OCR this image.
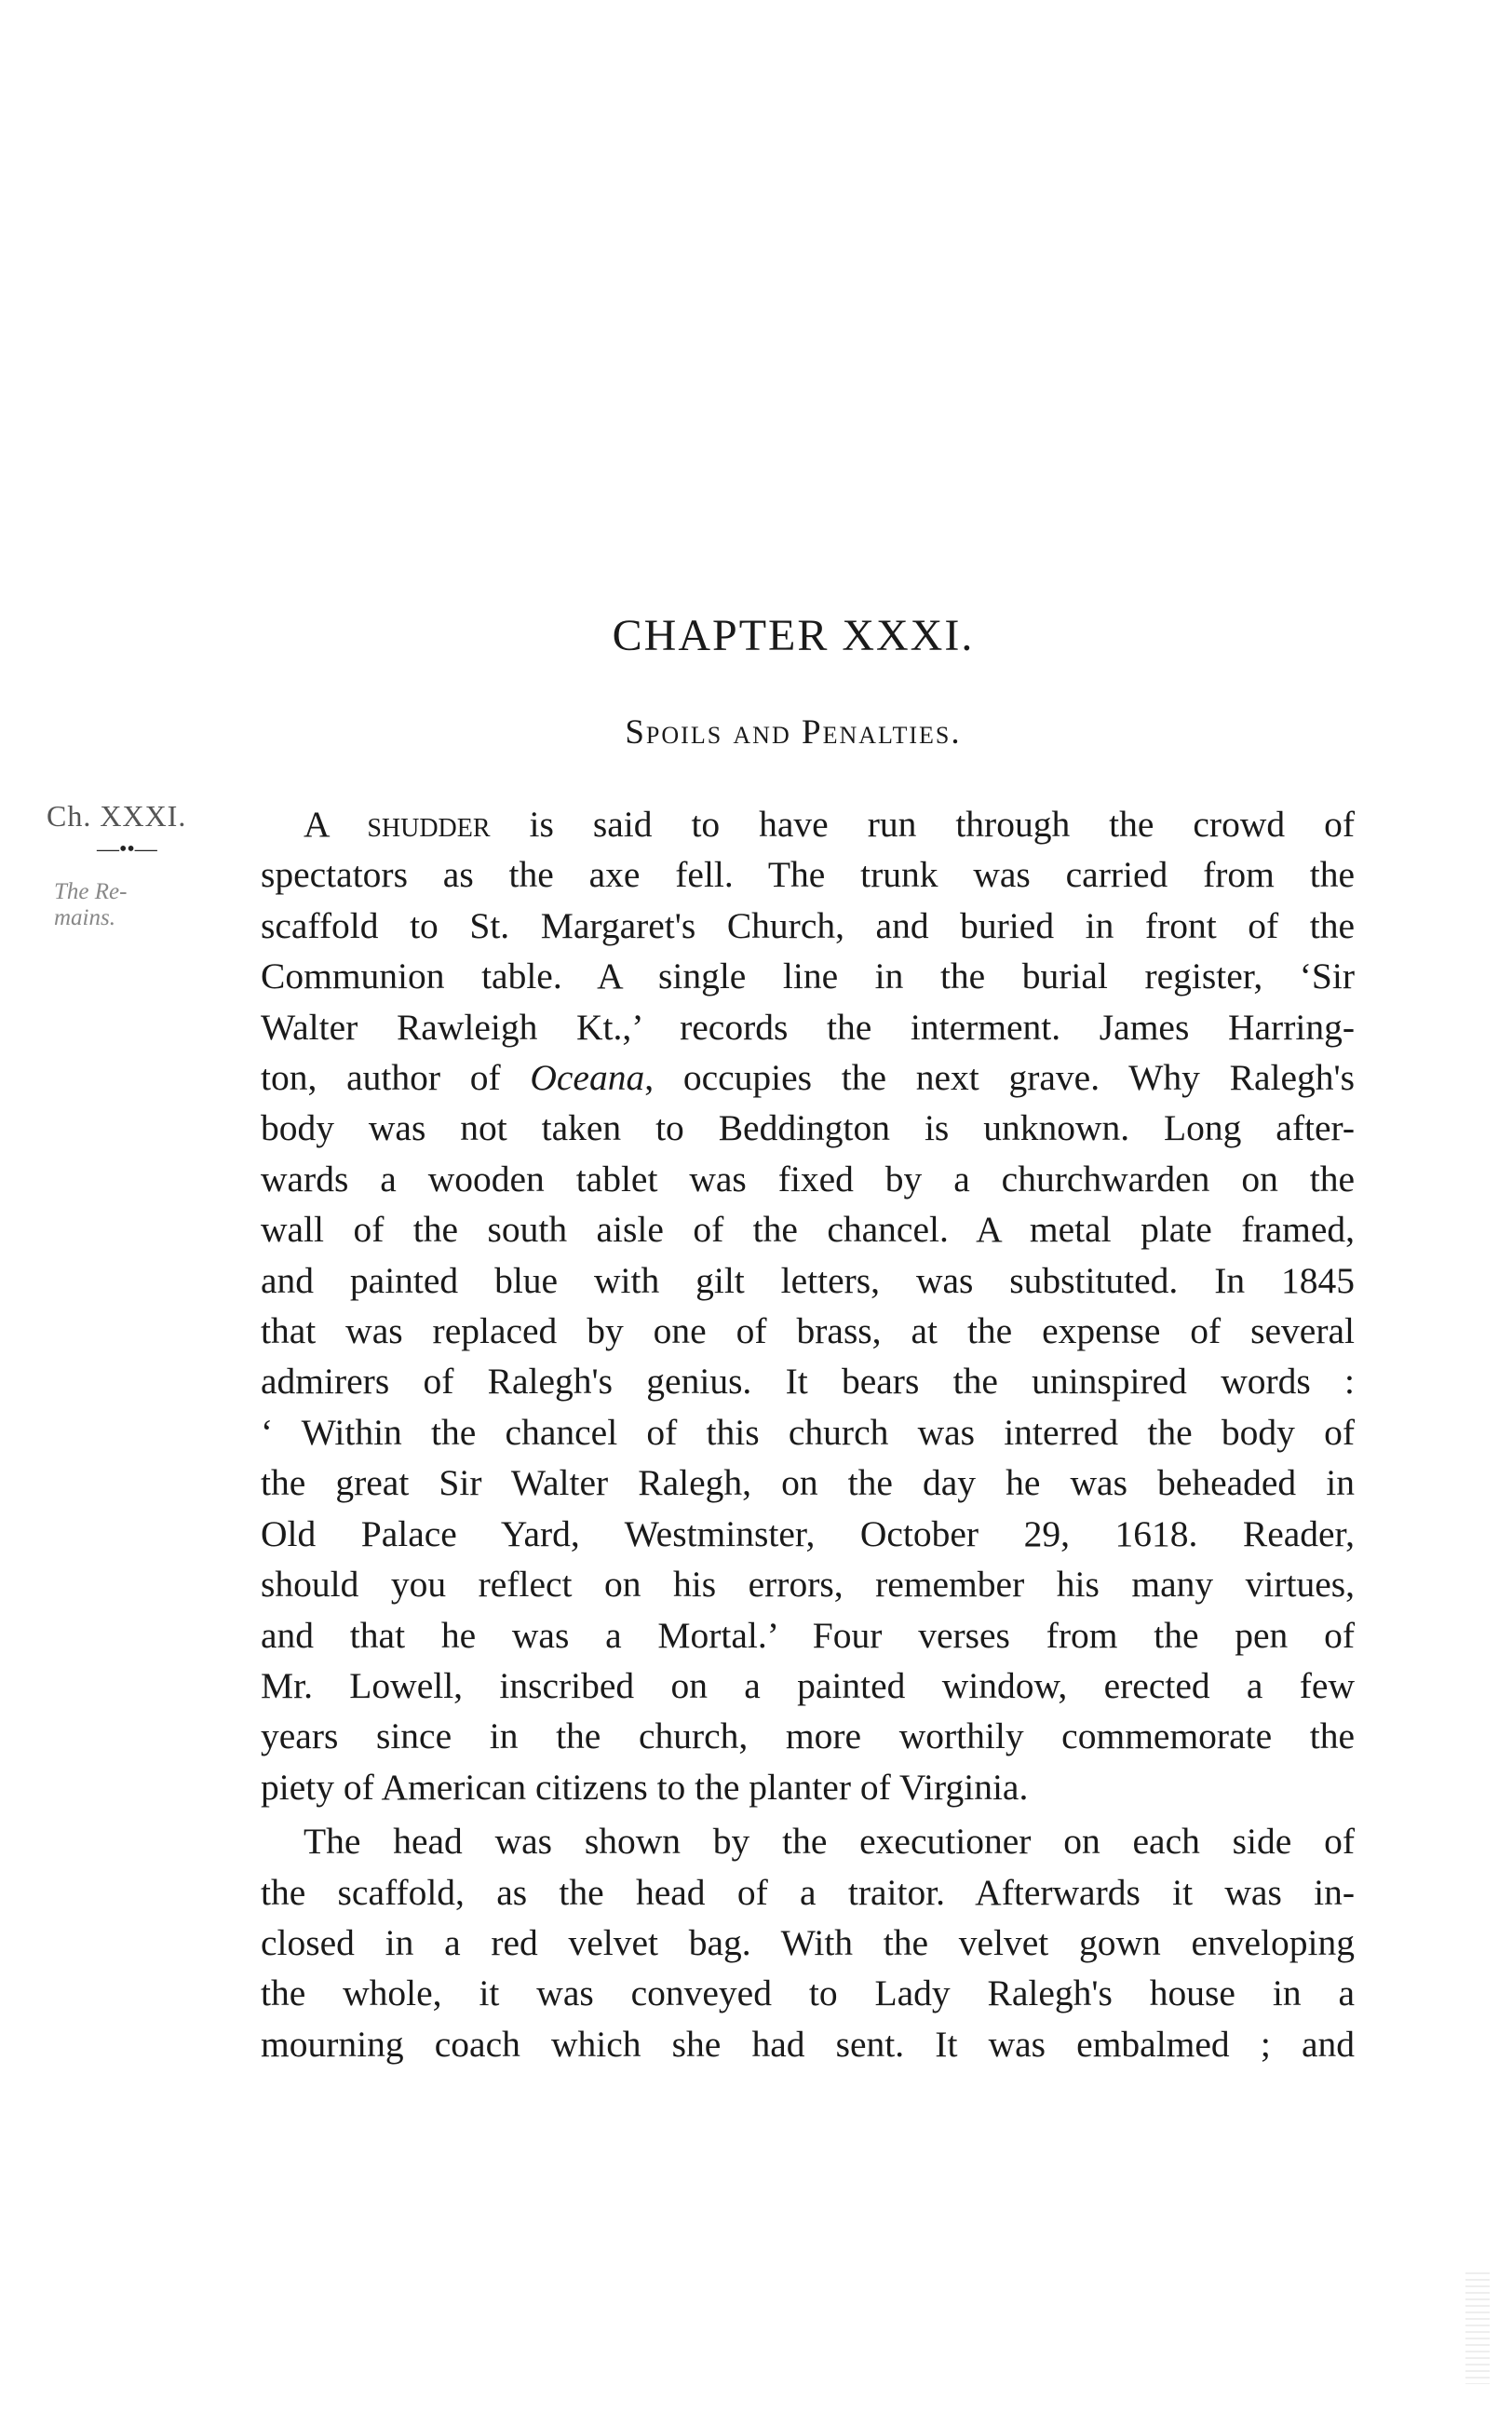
CHAPTER XXXI.
Spoils and Penalties.
Ch. XXXI.
—••—
The Re-
mains.
A shudder is said to have run through the crowd of
spectators as the axe fell. The trunk was carried from the
scaffold to St. Margaret's Church, and buried in front of the
Communion table. A single line in the burial register, ‘Sir
Walter Rawleigh Kt.,’ records the interment. James Harring-
ton, author of Oceana, occupies the next grave. Why Ralegh's
body was not taken to Beddington is unknown. Long after-
wards a wooden tablet was fixed by a churchwarden on the
wall of the south aisle of the chancel. A metal plate framed,
and painted blue with gilt letters, was substituted. In 1845
that was replaced by one of brass, at the expense of several
admirers of Ralegh's genius. It bears the uninspired words :
‘ Within the chancel of this church was interred the body of
the great Sir Walter Ralegh, on the day he was beheaded in
Old Palace Yard, Westminster, October 29, 1618. Reader,
should you reflect on his errors, remember his many virtues,
and that he was a Mortal.’ Four verses from the pen of
Mr. Lowell, inscribed on a painted window, erected a few
years since in the church, more worthily commemorate the
piety of American citizens to the planter of Virginia.
The head was shown by the executioner on each side of
the scaffold, as the head of a traitor. Afterwards it was in-
closed in a red velvet bag. With the velvet gown enveloping
the whole, it was conveyed to Lady Ralegh's house in a
mourning coach which she had sent. It was embalmed ; and
